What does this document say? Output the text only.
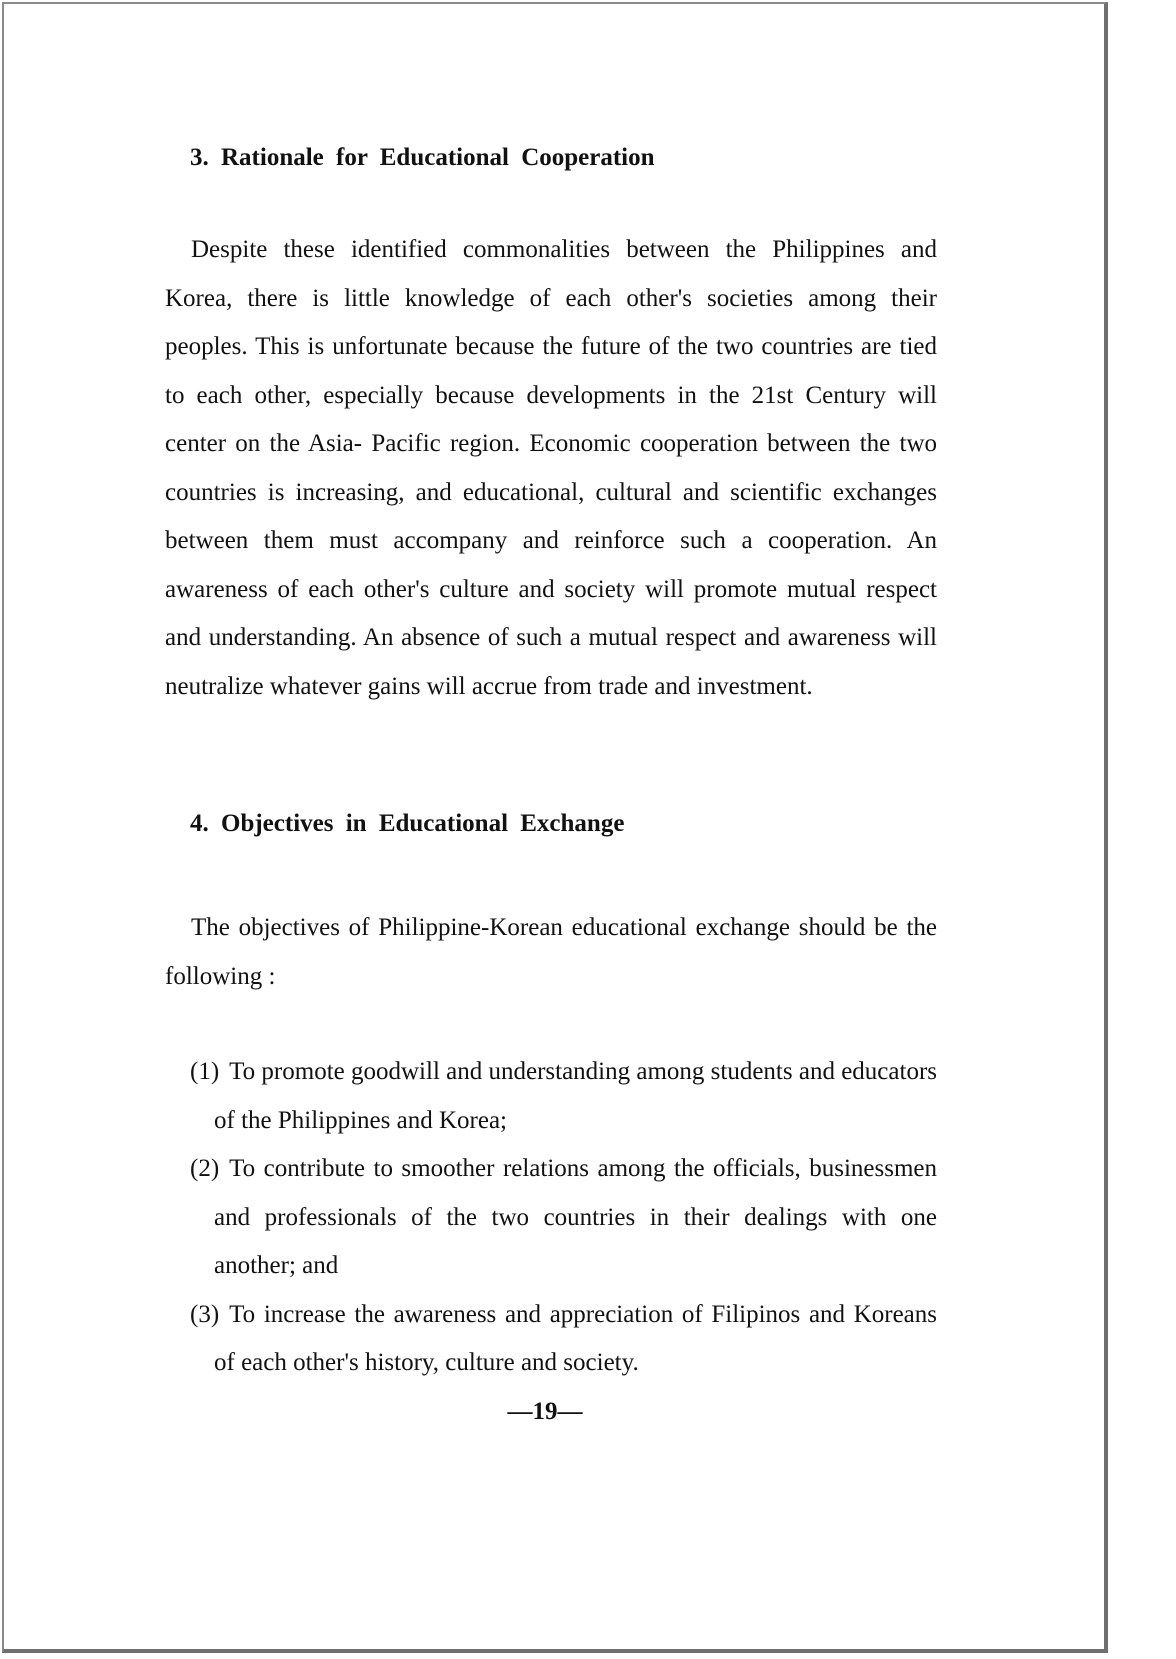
3. Rationale for Educational Cooperation

Despite these identified commonalities between the Philippines and Korea, there is little knowledge of each other's societies among their peoples. This is unfortunate because the future of the two countries are tied to each other, especially because developments in the 21st Century will center on the Asia- Pacific region. Economic cooperation between the two countries is increasing, and educational, cultural and scientific exchanges between them must accompany and reinforce such a cooperation. An awareness of each other's culture and society will promote mutual respect and understanding. An absence of such a mutual respect and awareness will neutralize whatever gains will accrue from trade and investment.

4. Objectives in Educational Exchange

The objectives of Philippine-Korean educational exchange should be the following :

(1) To promote goodwill and understanding among students and educators of the Philippines and Korea;
(2) To contribute to smoother relations among the officials, businessmen and professionals of the two countries in their dealings with one another; and
(3) To increase the awareness and appreciation of Filipinos and Koreans of each other's history, culture and society.
—19—
